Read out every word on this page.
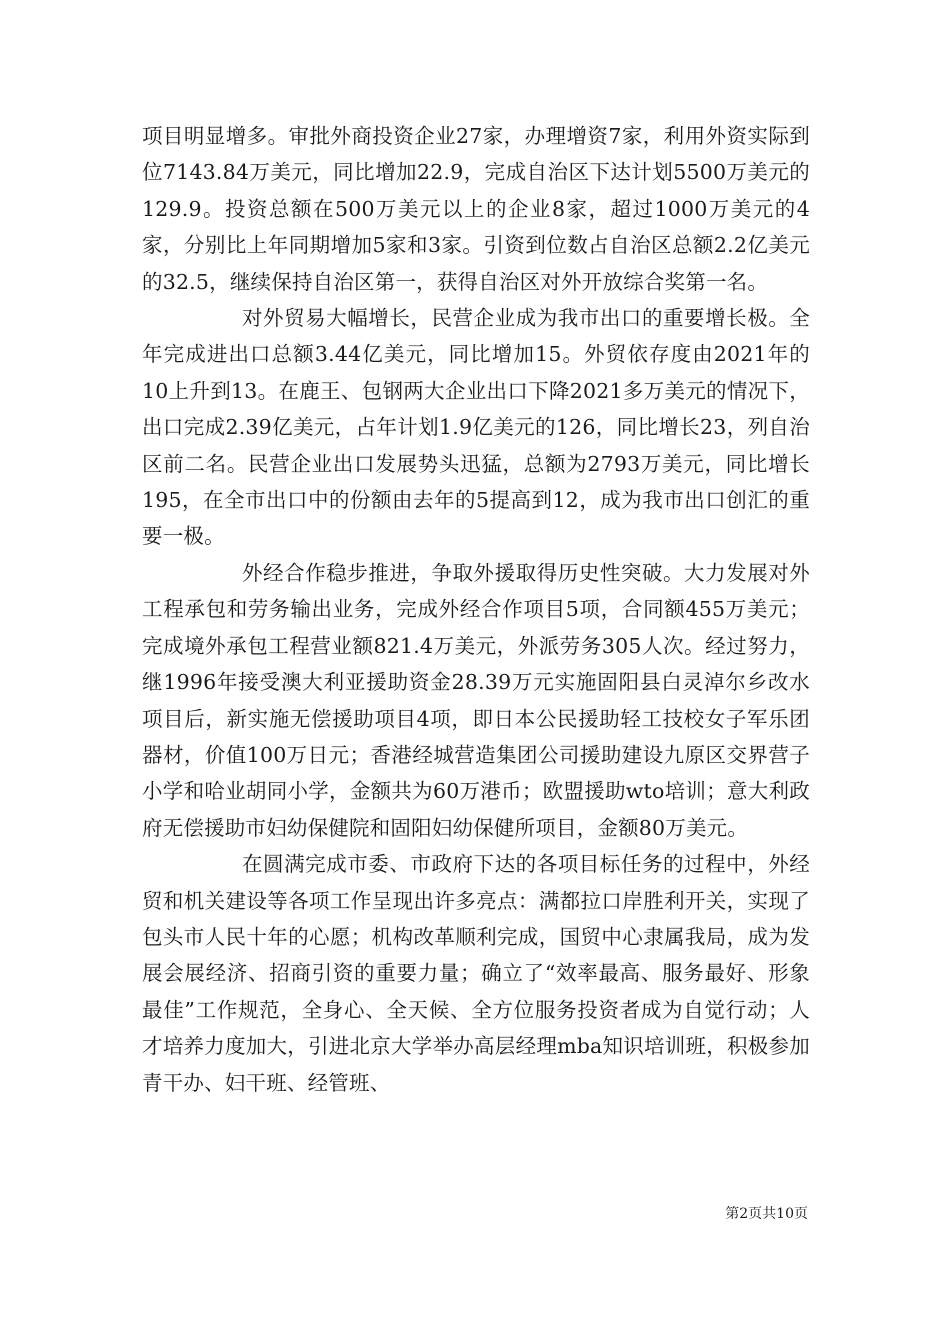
项目明显增多。审批外商投资企业27家，办理增资7家，利用外资实际到位7143.84万美元，同比增加22.9，完成自治区下达计划5500万美元的129.9。投资总额在500万美元以上的企业8家，超过1000万美元的4家，分别比上年同期增加5家和3家。引资到位数占自治区总额2.2亿美元的32.5，继续保持自治区第一，获得自治区对外开放综合奖第一名。

对外贸易大幅增长，民营企业成为我市出口的重要增长极。全年完成进出口总额3.44亿美元，同比增加15。外贸依存度由2021年的10上升到13。在鹿王、包钢两大企业出口下降2021多万美元的情况下，出口完成2.39亿美元，占年计划1.9亿美元的126，同比增长23，列自治区前二名。民营企业出口发展势头迅猛，总额为2793万美元，同比增长195，在全市出口中的份额由去年的5提高到12，成为我市出口创汇的重要一极。

外经合作稳步推进，争取外援取得历史性突破。大力发展对外工程承包和劳务输出业务，完成外经合作项目5项，合同额455万美元；完成境外承包工程营业额821.4万美元，外派劳务305人次。经过努力，继1996年接受澳大利亚援助资金28.39万元实施固阳县白灵淖尔乡改水项目后，新实施无偿援助项目4项，即日本公民援助轻工技校女子军乐团器材，价值100万日元；香港经城营造集团公司援助建设九原区交界营子小学和哈业胡同小学，金额共为60万港币；欧盟援助wto培训；意大利政府无偿援助市妇幼保健院和固阳妇幼保健所项目，金额80万美元。

在圆满完成市委、市政府下达的各项目标任务的过程中，外经贸和机关建设等各项工作呈现出许多亮点：满都拉口岸胜利开关，实现了包头市人民十年的心愿；机构改革顺利完成，国贸中心隶属我局，成为发展会展经济、招商引资的重要力量；确立了“效率最高、服务最好、形象最佳”工作规范，全身心、全天候、全方位服务投资者成为自觉行动；人才培养力度加大，引进北京大学举办高层经理mba知识培训班，积极参加青干办、妇干班、经管班、

第2页共10页
